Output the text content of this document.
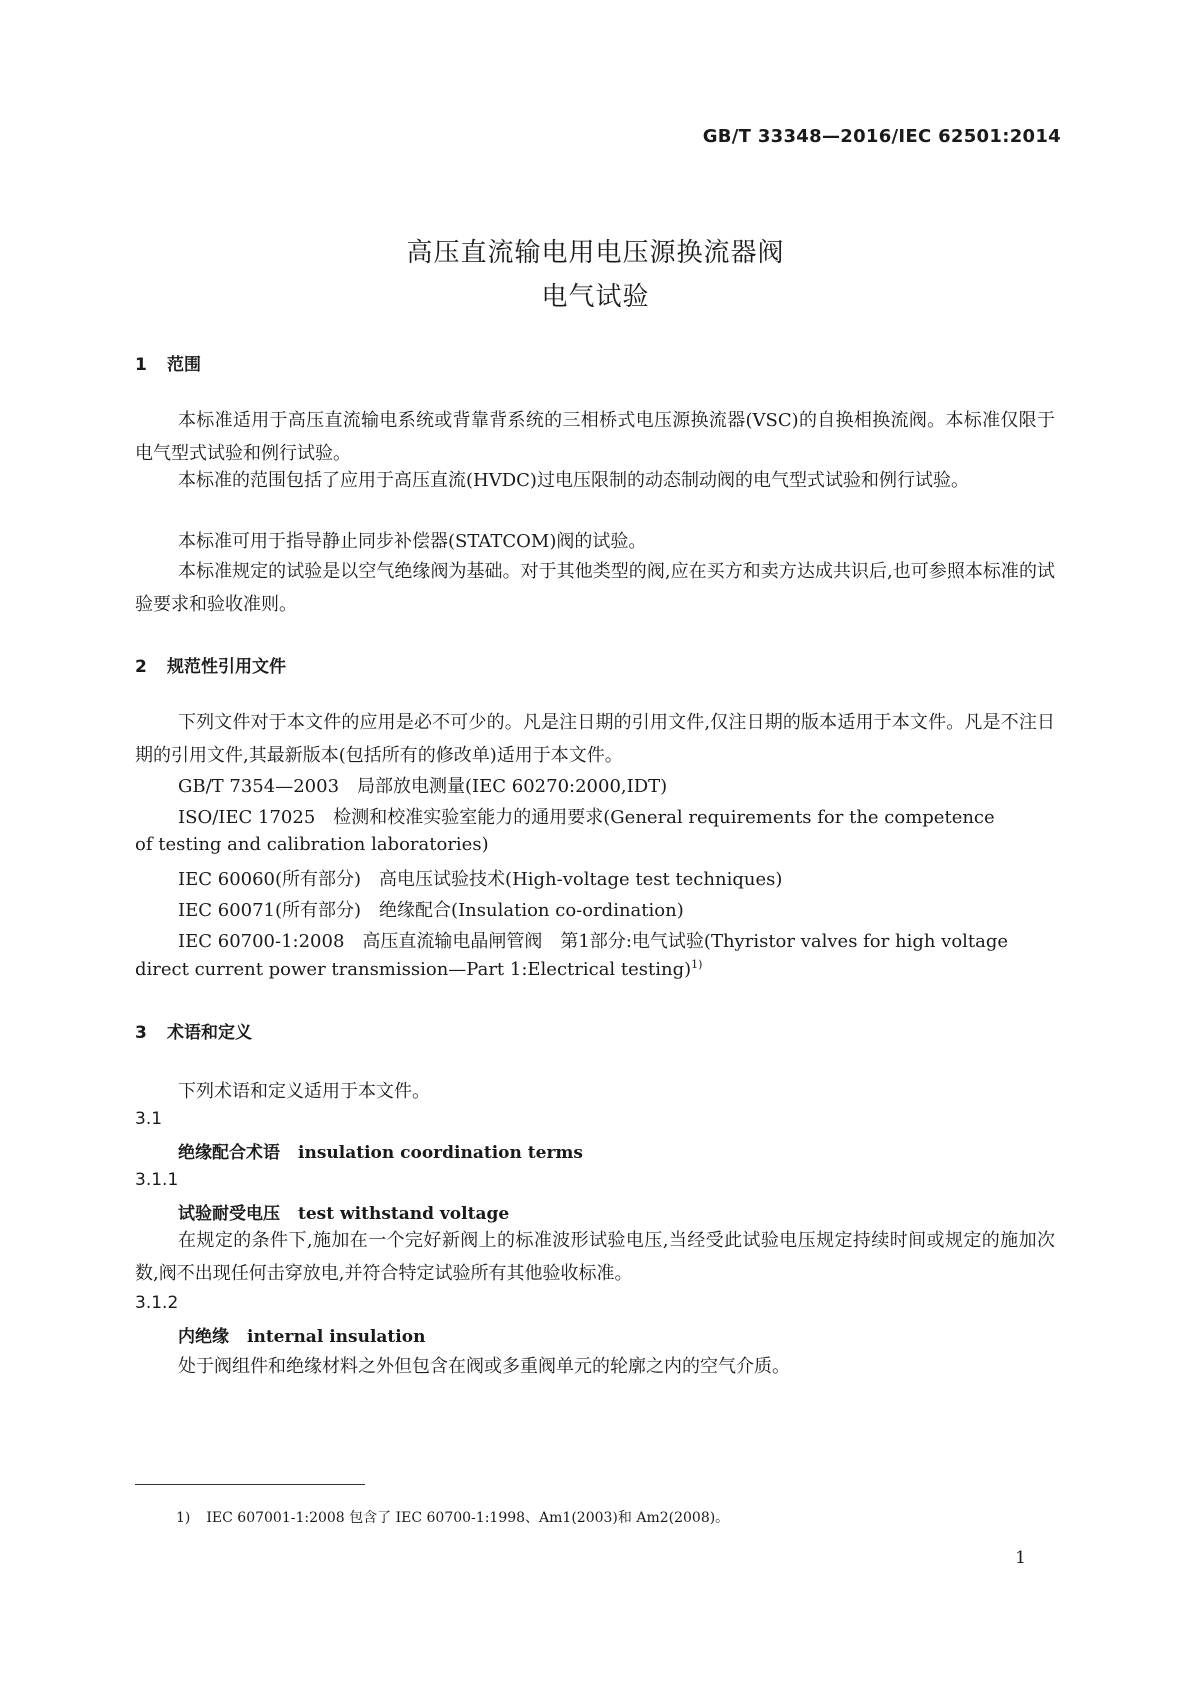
GB/T 33348—2016/IEC 62501:2014
高压直流输电用电压源换流器阀
电气试验
1 范围
本标准适用于高压直流输电系统或背靠背系统的三相桥式电压源换流器(VSC)的自换相换流阀。本标准仅限于电气型式试验和例行试验。
本标准的范围包括了应用于高压直流(HVDC)过电压限制的动态制动阀的电气型式试验和例行试验。
本标准可用于指导静止同步补偿器(STATCOM)阀的试验。
本标准规定的试验是以空气绝缘阀为基础。对于其他类型的阀,应在买方和卖方达成共识后,也可参照本标准的试验要求和验收准则。
2 规范性引用文件
下列文件对于本文件的应用是必不可少的。凡是注日期的引用文件,仅注日期的版本适用于本文件。凡是不注日期的引用文件,其最新版本(包括所有的修改单)适用于本文件。
GB/T 7354—2003　局部放电测量(IEC 60270:2000,IDT)
ISO/IEC 17025　检测和校准实验室能力的通用要求(General requirements for the competence
of testing and calibration laboratories)
IEC 60060(所有部分)　高电压试验技术(High-voltage test techniques)
IEC 60071(所有部分)　绝缘配合(Insulation co-ordination)
IEC 60700-1:2008　高压直流输电晶闸管阀　第1部分:电气试验(Thyristor valves for high voltage
direct current power transmission—Part 1:Electrical testing)$^{1)}$
3 术语和定义
下列术语和定义适用于本文件。
3.1
绝缘配合术语 insulation coordination terms
3.1.1
试验耐受电压 test withstand voltage
在规定的条件下,施加在一个完好新阀上的标准波形试验电压,当经受此试验电压规定持续时间或规定的施加次数,阀不出现任何击穿放电,并符合特定试验所有其他验收标准。
3.1.2
内绝缘 internal insulation
处于阀组件和绝缘材料之外但包含在阀或多重阀单元的轮廓之内的空气介质。
1) IEC 607001-1:2008 包含了 IEC 60700-1:1998、Am1(2003)和 Am2(2008)。
1
